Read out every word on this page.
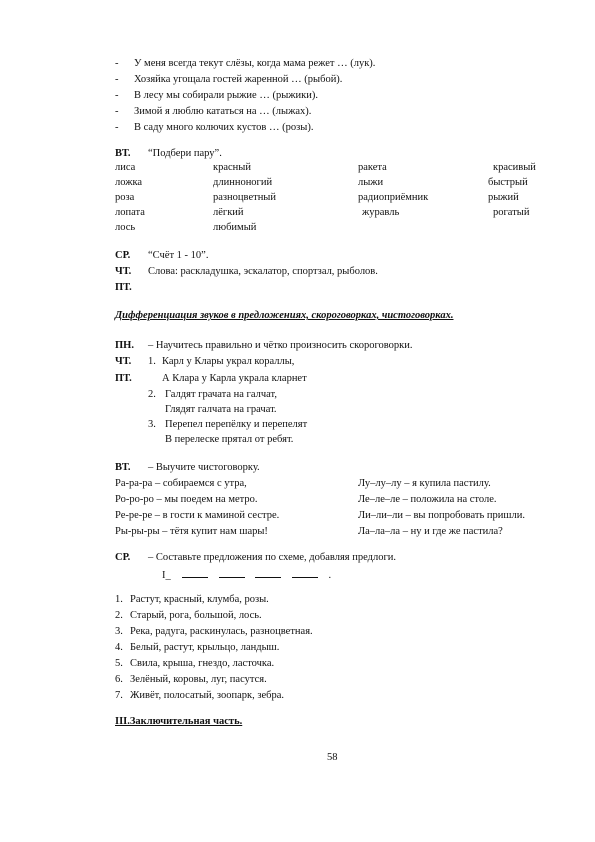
- У меня всегда текут слёзы, когда мама режет … (лук).
- Хозяйка угощала гостей жаренной … (рыбой).
- В лесу мы собирали рыжие … (рыжики).
- Зимой я люблю кататься на … (лыжах).
- В саду много колючих кустов … (розы).
ВТ. “Подбери пару”.
лиса	красный	ракета	красивый
ложка	длинноногий	лыжи	быстрый
роза	разноцветный	радиоприёмник	рыжий
лопата	лёгкий	журавль	рогатый
лось	любимый
СР. “Счёт 1 - 10”.
ЧТ. Слова: раскладушка, эскалатор, спортзал, рыболов.
ПТ.
Дифференциация звуков в предложениях, скороговорках, чистоговорках.
ПН. – Научитесь правильно и чётко произносить скороговорки.
ЧТ. 1. Карл у Клары украл кораллы,
ПТ.	А Клара у Карла украла кларнет
2. Галдят грачата на галчат,
Глядят галчата на грачат.
3. Перепел перепёлку и перепелят
В перелеске прятал от ребят.
ВТ. – Выучите чистоговорку.
Ра-ра-ра – собираемся с утра,	Лу–лу–лу – я купила пастилу.
Ро-ро-ро – мы поедем на метро.	Ле–ле–ле – положила на столе.
Ре-ре-ре – в гости к маминой сестре.	Ли–ли–ли – вы попробовать пришли.
Ры-ры-ры – тётя купит нам шары!	Ла–ла–ла – ну и где же пастила?
СР. – Составьте предложения по схеме, добавляя предлоги.
I_	.
1. Растут, красный, клумба, розы.
2. Старый, рога, большой, лось.
3. Река, радуга, раскинулась, разноцветная.
4. Белый, растут, крыльцо, ландыш.
5. Свила, крыша, гнездо, ласточка.
6. Зелёный, коровы, луг, пасутся.
7. Живёт, полосатый, зоопарк, зебра.
III.Заключительная часть.
58
